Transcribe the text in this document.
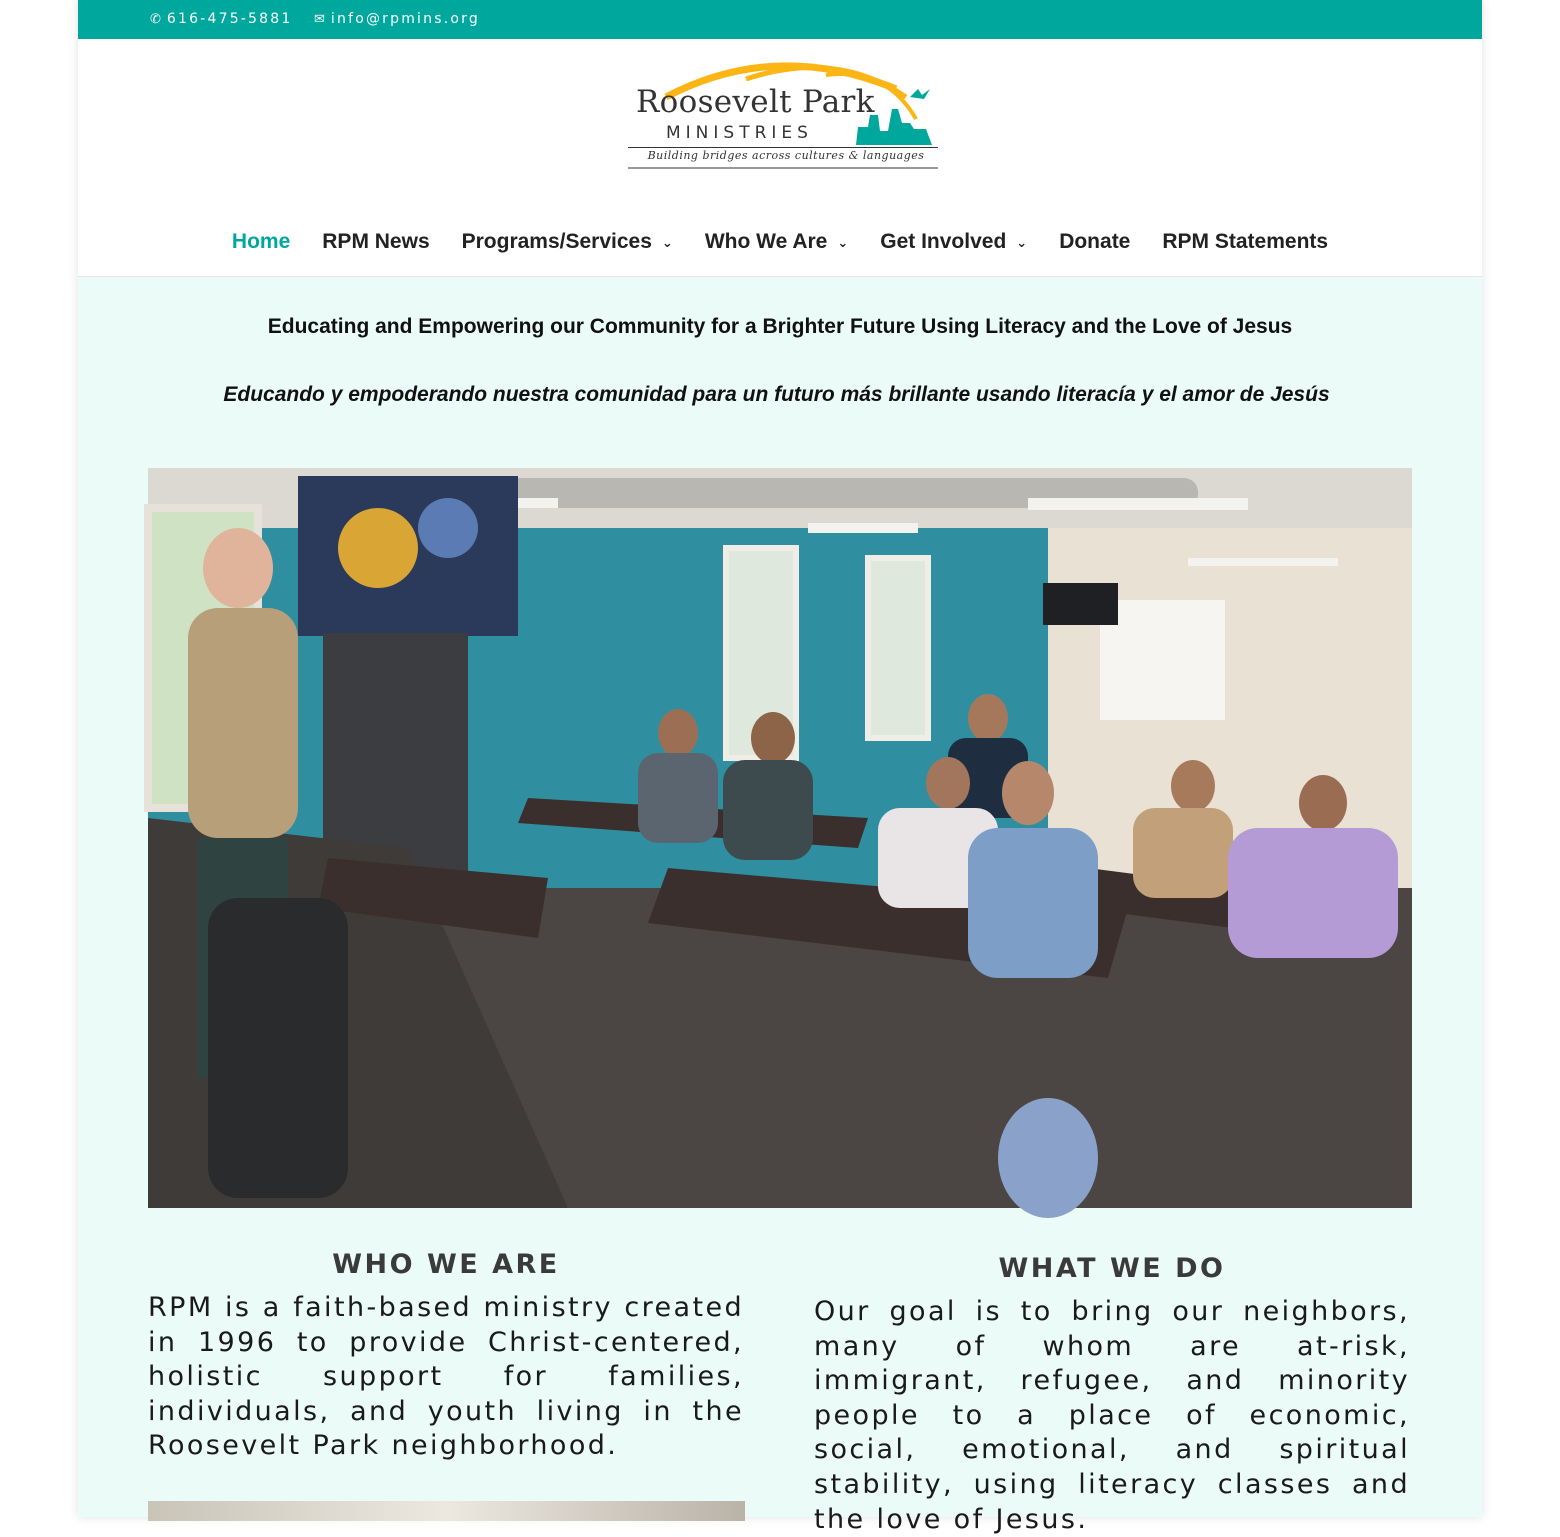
✆ 616-475-5881 ✉ info@rpmins.org
Roosevelt Park
MINISTRIES
Building bridges across cultures & languages
Home RPM News Programs/Services ⌄ Who We Are ⌄ Get Involved ⌄ Donate RPM Statements
Educating and Empowering our Community for a Brighter Future Using Literacy and the Love of Jesus
Educando y empoderando nuestra comunidad para un futuro más brillante usando literacía y el amor de Jesús
WHO WE ARE
RPM is a faith-based ministry created in 1996 to provide Christ-centered, holistic support for families, individuals, and youth living in the Roosevelt Park neighborhood.
WHAT WE DO
Our goal is to bring our neighbors, many of whom are at-risk, immigrant, refugee, and minority people to a place of economic, social, emotional, and spiritual stability, using literacy classes and the love of Jesus.
